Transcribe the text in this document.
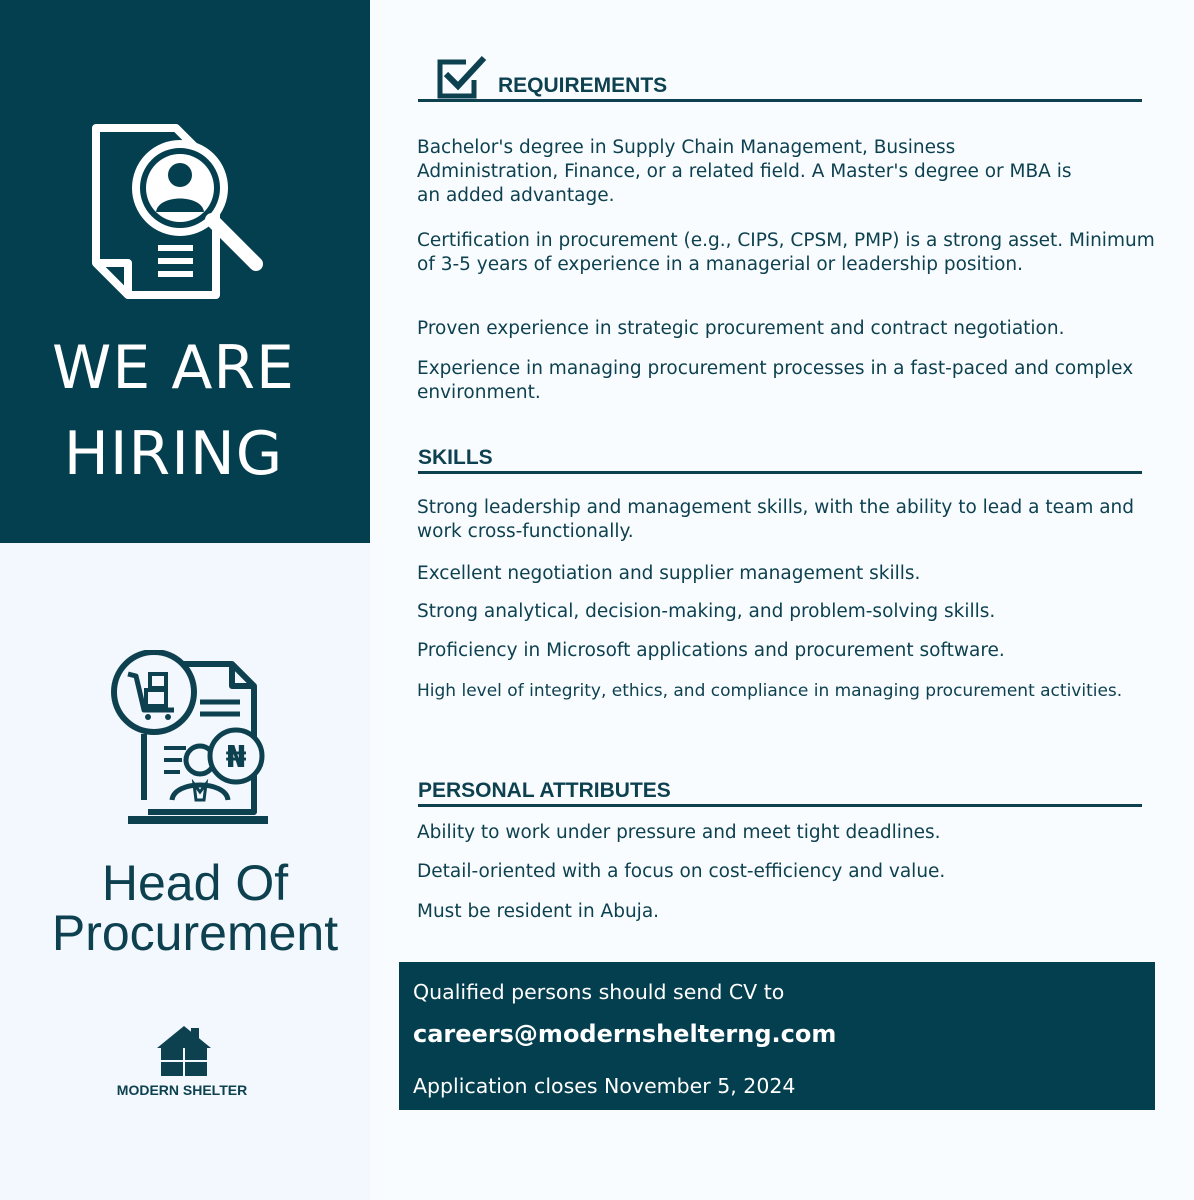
WE ARE
HIRING
₦
Head Of Procurement
MODERN SHELTER
REQUIREMENTS
Bachelor's degree in Supply Chain Management, Business Administration, Finance, or a related field. A Master's degree or MBA is an added advantage.
Certification in procurement (e.g., CIPS, CPSM, PMP) is a strong asset. Minimum of 3-5 years of experience in a managerial or leadership position.
Proven experience in strategic procurement and contract negotiation.
Experience in managing procurement processes in a fast-paced and complex environment.
SKILLS
Strong leadership and management skills, with the ability to lead a team and work cross-functionally.
Excellent negotiation and supplier management skills.
Strong analytical, decision-making, and problem-solving skills.
Proficiency in Microsoft applications and procurement software.
High level of integrity, ethics, and compliance in managing procurement activities.
PERSONAL ATTRIBUTES
Ability to work under pressure and meet tight deadlines.
Detail-oriented with a focus on cost-efficiency and value.
Must be resident in Abuja.
Qualified persons should send CV to
careers@modernshelterng.com
Application closes November 5, 2024
